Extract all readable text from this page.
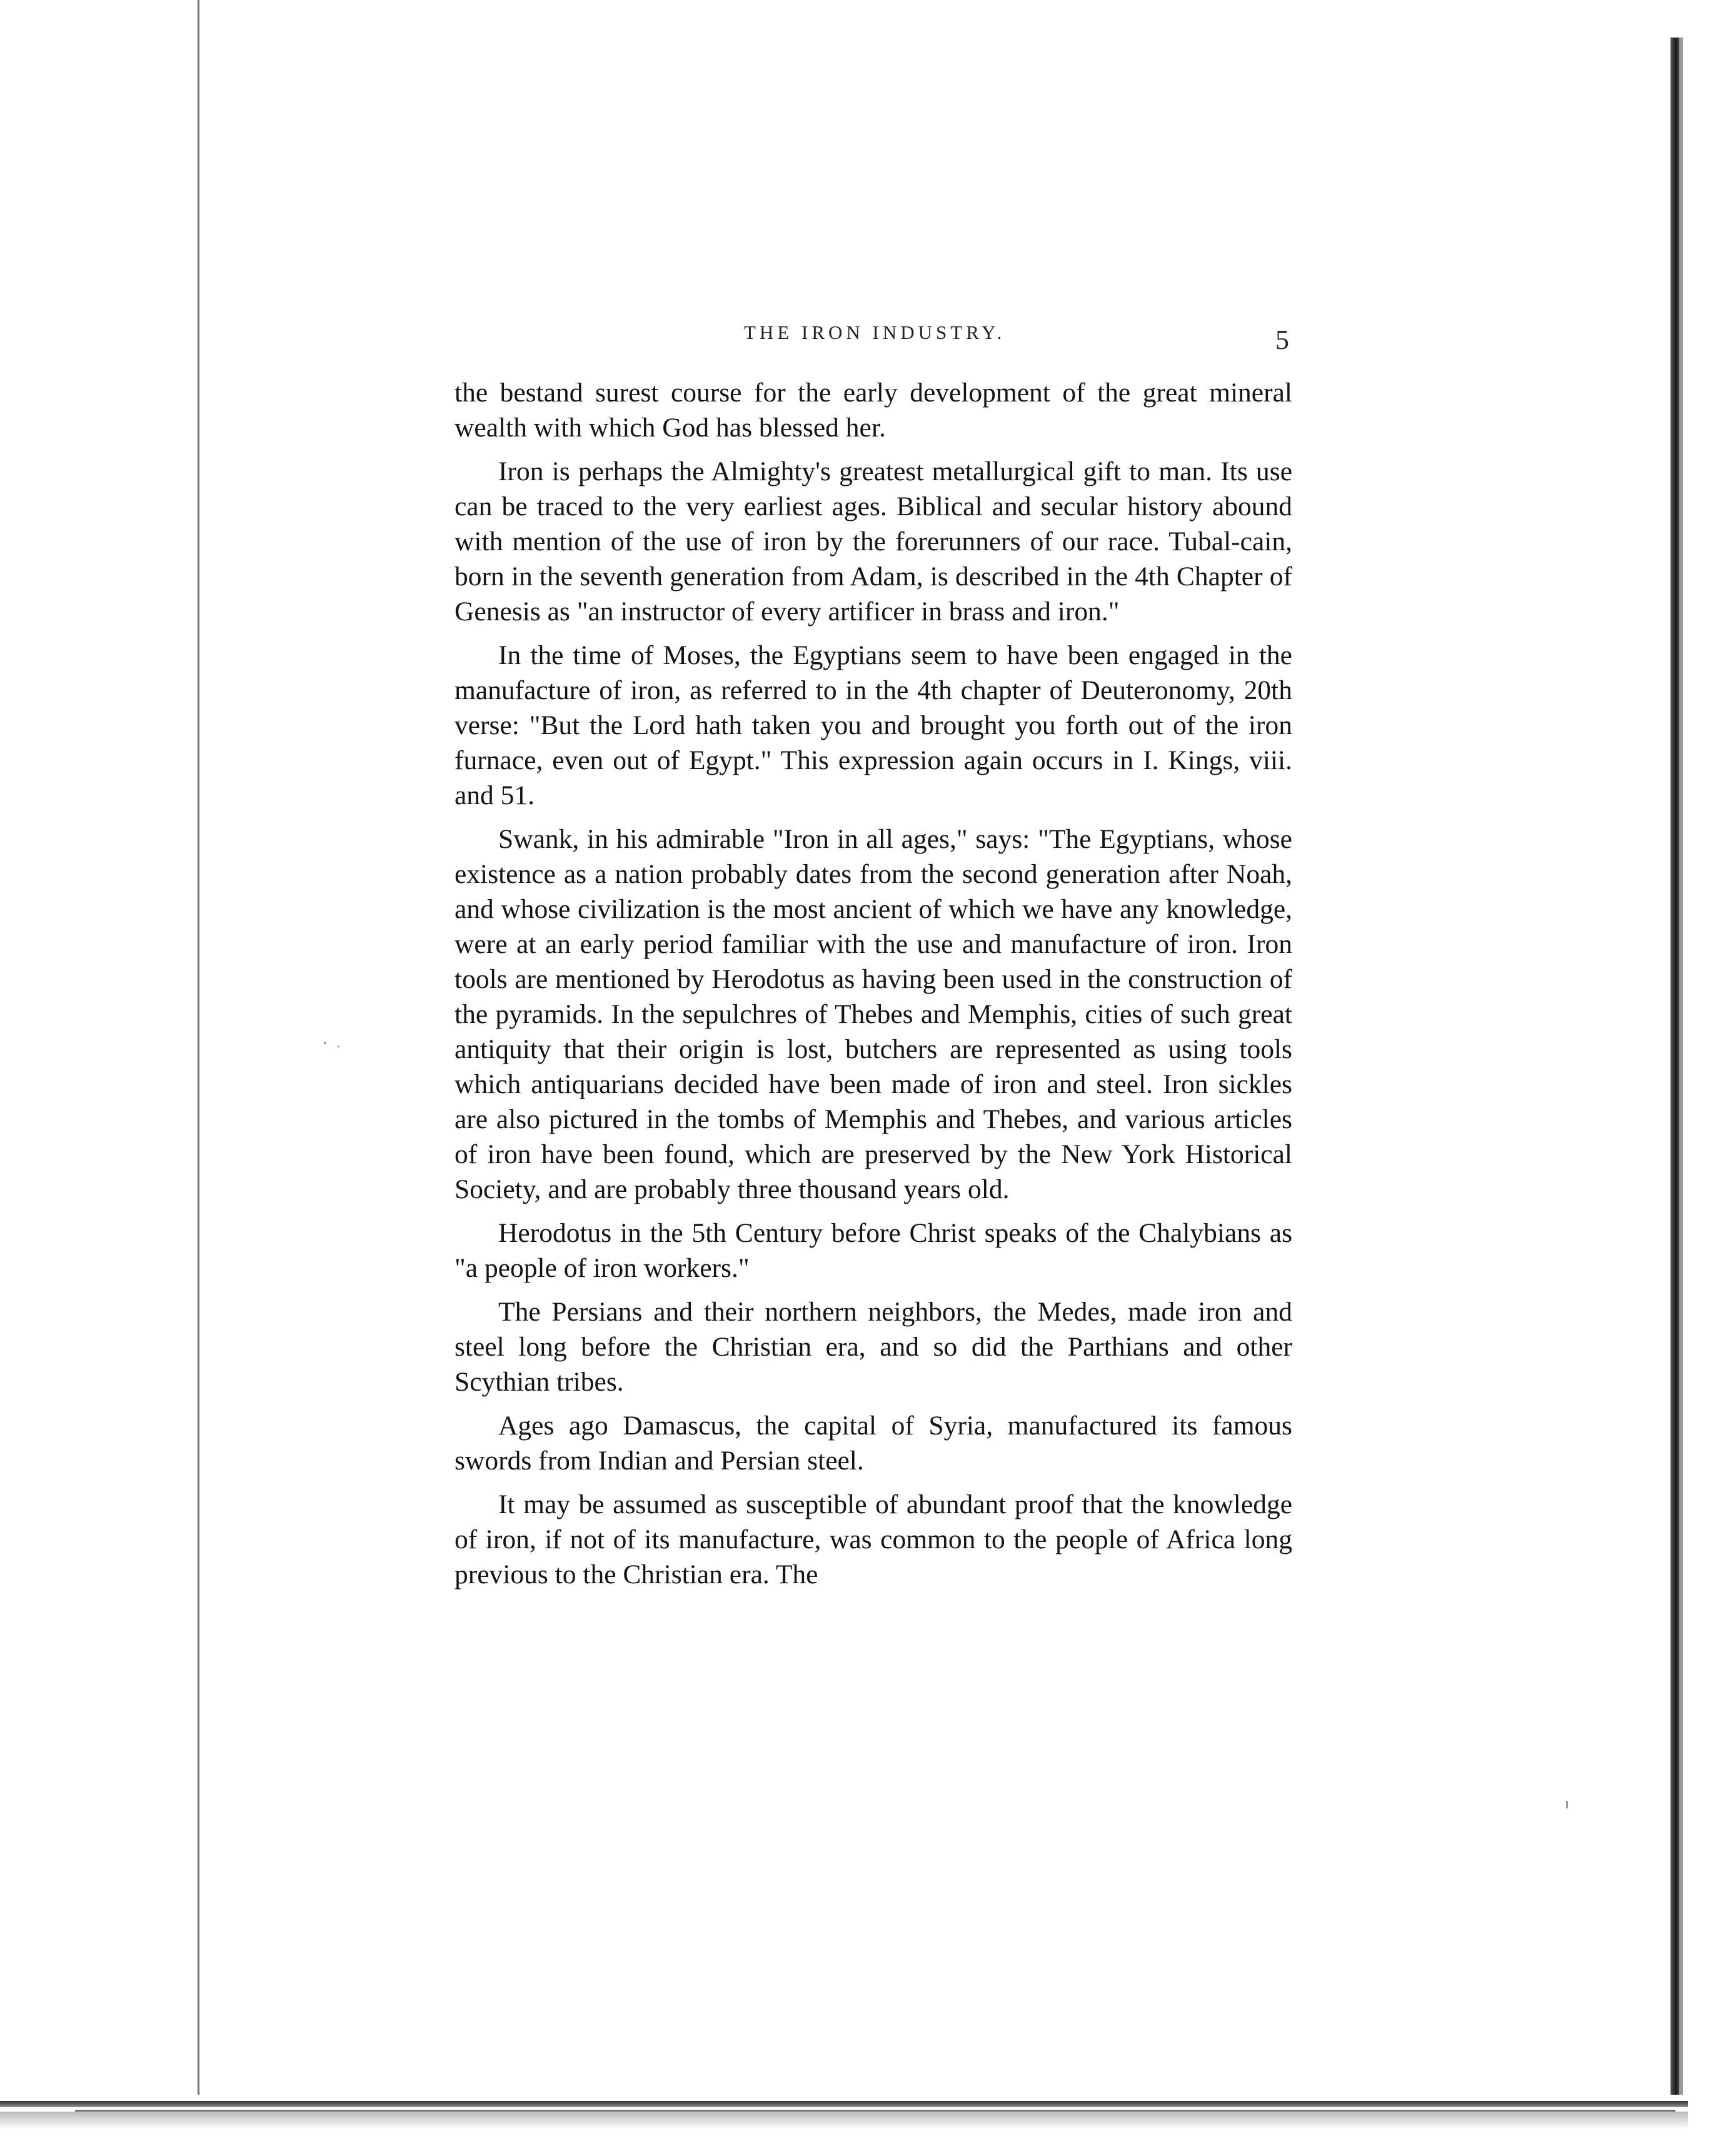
THE IRON INDUSTRY.	5

the bestand surest course for the early development of the great mineral wealth with which God has blessed her.

Iron is perhaps the Almighty's greatest metallurgical gift to man. Its use can be traced to the very earliest ages. Biblical and secular history abound with mention of the use of iron by the forerunners of our race. Tubal-cain, born in the seventh generation from Adam, is described in the 4th Chapter of Genesis as "an instructor of every artificer in brass and iron."

In the time of Moses, the Egyptians seem to have been engaged in the manufacture of iron, as referred to in the 4th chapter of Deuteronomy, 20th verse: "But the Lord hath taken you and brought you forth out of the iron furnace, even out of Egypt." This expression again occurs in I. Kings, viii. and 51.

Swank, in his admirable "Iron in all ages," says: "The Egyptians, whose existence as a nation probably dates from the second generation after Noah, and whose civilization is the most ancient of which we have any knowledge, were at an early period familiar with the use and manufacture of iron. Iron tools are mentioned by Herodotus as having been used in the construction of the pyramids. In the sepulchres of Thebes and Memphis, cities of such great antiquity that their origin is lost, butchers are represented as using tools which antiquarians decided have been made of iron and steel. Iron sickles are also pictured in the tombs of Memphis and Thebes, and various articles of iron have been found, which are preserved by the New York Historical Society, and are probably three thousand years old.

Herodotus in the 5th Century before Christ speaks of the Chalybians as "a people of iron workers."

The Persians and their northern neighbors, the Medes, made iron and steel long before the Christian era, and so did the Parthians and other Scythian tribes.

Ages ago Damascus, the capital of Syria, manufactured its famous swords from Indian and Persian steel.

It may be assumed as susceptible of abundant proof that the knowledge of iron, if not of its manufacture, was common to the people of Africa long previous to the Christian era. The
